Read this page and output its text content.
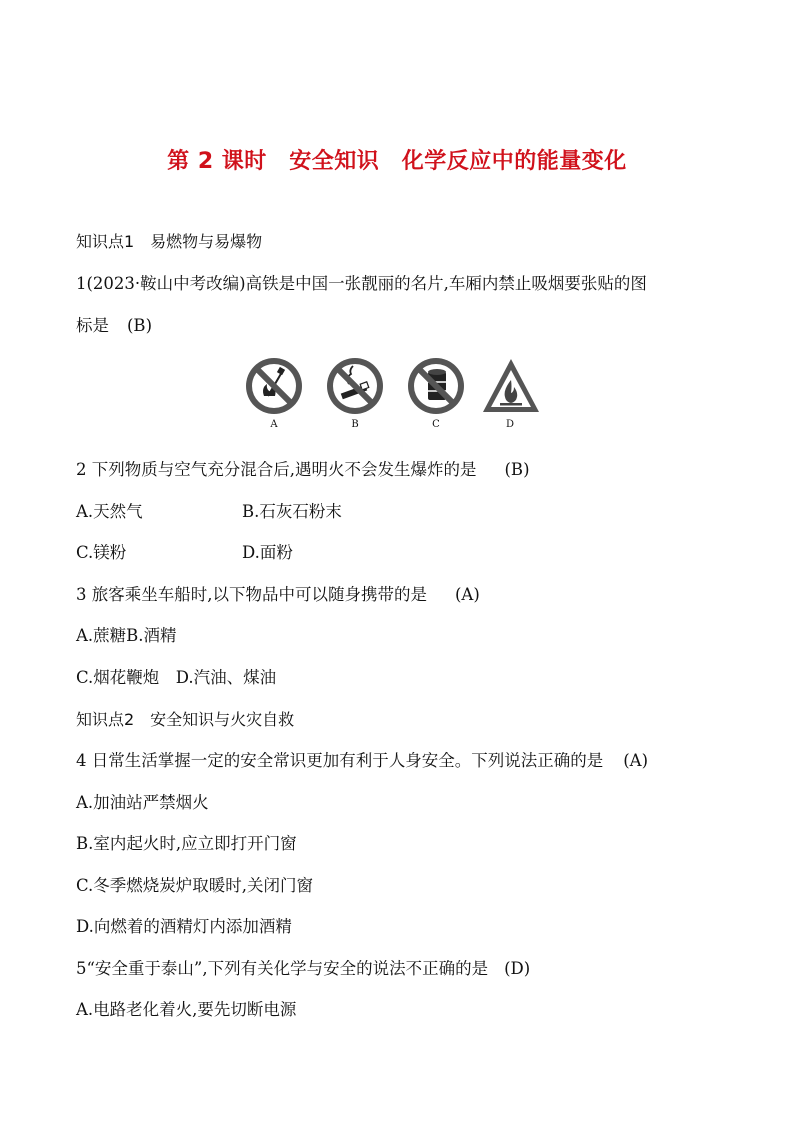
第 2 课时　安全知识　化学反应中的能量变化
知识点1　易燃物与易爆物
1(2023·鞍山中考改编)高铁是中国一张靓丽的名片,车厢内禁止吸烟要张贴的图
标是 (B)
A	B	C	D
2 下列物质与空气充分混合后,遇明火不会发生爆炸的是 (B)
A.天然气	B.石灰石粉末
C.镁粉	D.面粉
3 旅客乘坐车船时,以下物品中可以随身携带的是 (A)
A.蔗糖B.酒精
C.烟花鞭炮　D.汽油、煤油
知识点2　安全知识与火灾自救
4 日常生活掌握一定的安全常识更加有利于人身安全。下列说法正确的是 (A)
A.加油站严禁烟火
B.室内起火时,应立即打开门窗
C.冬季燃烧炭炉取暖时,关闭门窗
D.向燃着的酒精灯内添加酒精
5“安全重于泰山”,下列有关化学与安全的说法不正确的是 (D)
A.电路老化着火,要先切断电源
